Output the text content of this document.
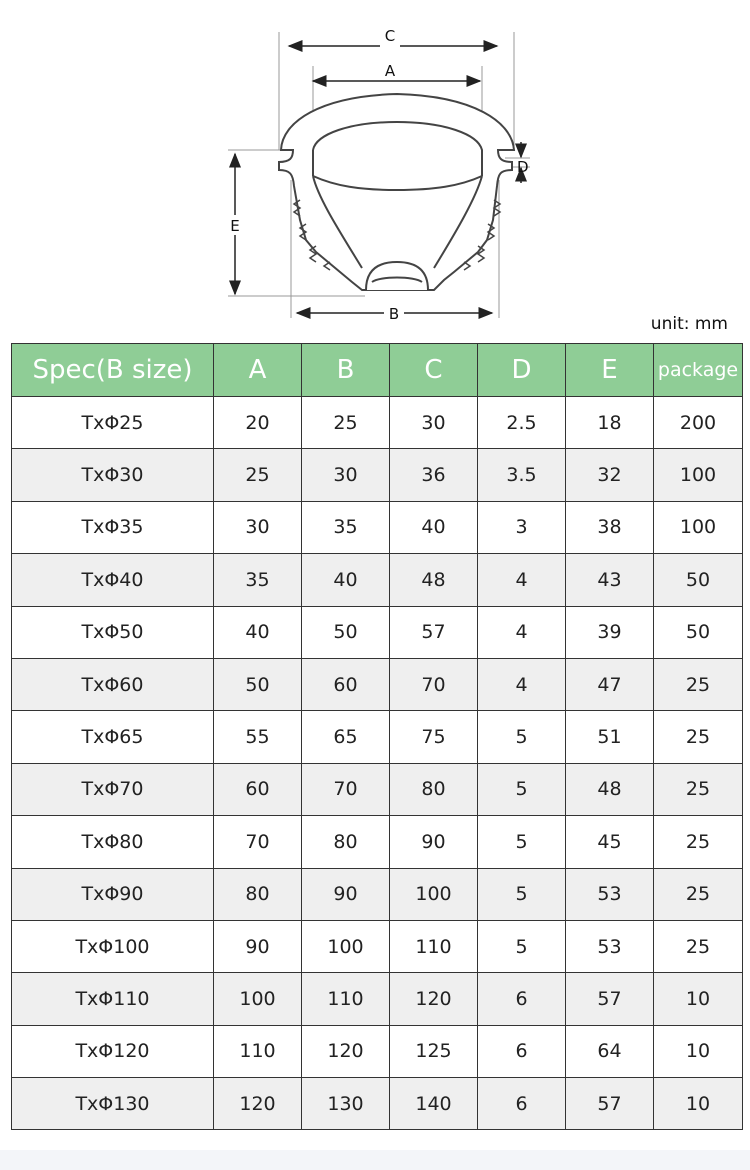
C
A
B
E
D
unit: mm
Spec(B size)	A	B	C	D	E	package
TxΦ25	20	25	30	2.5	18	200
TxΦ30	25	30	36	3.5	32	100
TxΦ35	30	35	40	3	38	100
TxΦ40	35	40	48	4	43	50
TxΦ50	40	50	57	4	39	50
TxΦ60	50	60	70	4	47	25
TxΦ65	55	65	75	5	51	25
TxΦ70	60	70	80	5	48	25
TxΦ80	70	80	90	5	45	25
TxΦ90	80	90	100	5	53	25
TxΦ100	90	100	110	5	53	25
TxΦ110	100	110	120	6	57	10
TxΦ120	110	120	125	6	64	10
TxΦ130	120	130	140	6	57	10
